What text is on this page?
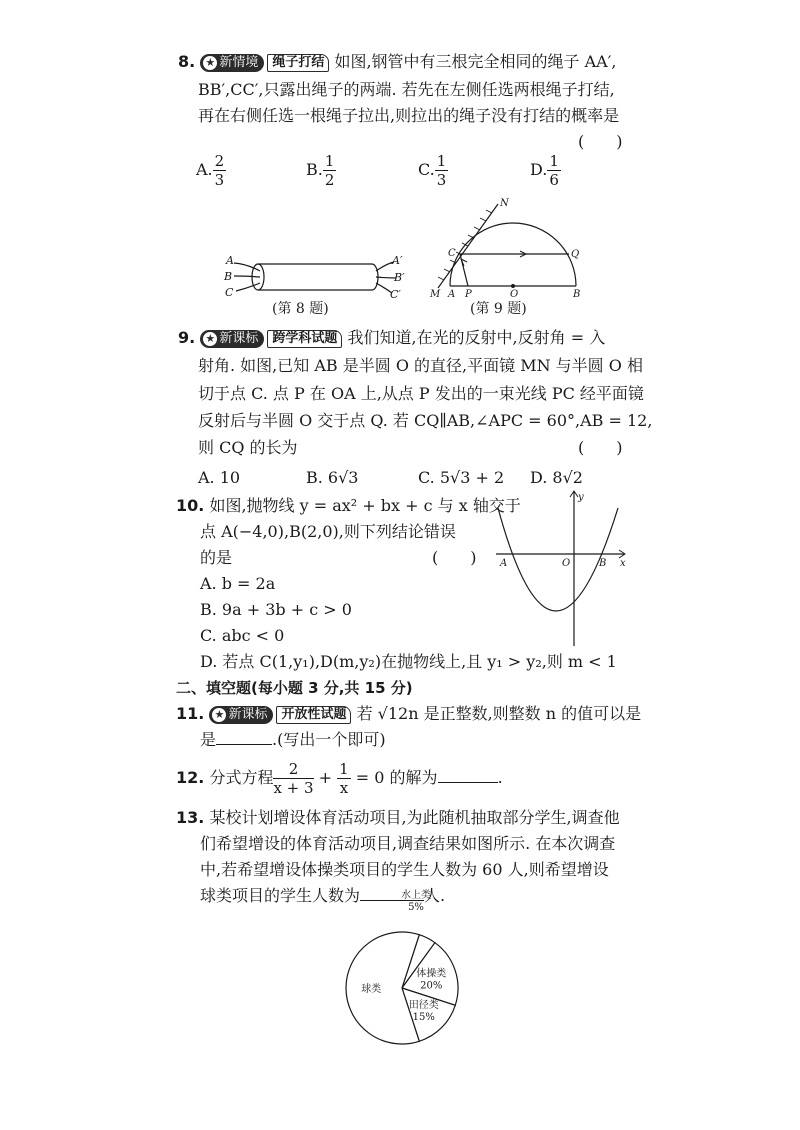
8. ★ 新情境 绳子打结 如图,钢管中有三根完全相同的绳子 AA′,
BB′,CC′,只露出绳子的两端. 若先在左侧任选两根绳子打结,
再在右侧任选一根绳子拉出,则拉出的绳子没有打结的概率是
(　　)
A. $\frac{2}{3}$	B. $\frac{1}{2}$	C. $\frac{1}{3}$	D. $\frac{1}{6}$
A
B
C
A′
B′
C′
(第 8 题)
N
C	Q
M A P	O	B
(第 9 题)
9. ★ 新课标 跨学科试题 我们知道,在光的反射中,反射角 = 入
射角. 如图,已知 AB 是半圆 O 的直径,平面镜 MN 与半圆 O 相
切于点 C. 点 P 在 OA 上,从点 P 发出的一束光线 PC 经平面镜
反射后与半圆 O 交于点 Q. 若 CQ∥AB,∠APC = 60°,AB = 12,
则 CQ 的长为	(　　)
A. 10	B. 6√3	C. 5√3 + 2 D. 8√2
10. 如图,抛物线 y = ax² + bx + c 与 x 轴交于
点 A(−4,0),B(2,0),则下列结论错误
的是	(　　)
A. b = 2a
B. 9a + 3b + c > 0
C. abc < 0
D. 若点 C(1,y₁),D(m,y₂)在抛物线上,且 y₁ > y₂,则 m < 1
y
x
O
A	B
二、填空题(每小题 3 分,共 15 分)
11. ★ 新课标 开放性试题 若 √12n 是正整数,则整数 n 的值可以是
是	.(写出一个即可)
12. 分式方程 $\frac{2}{x + 3} + \frac{1}{x} = 0$ 的解为	.
13. 某校计划增设体育活动项目,为此随机抽取部分学生,调查他
们希望增设的体育活动项目,调查结果如图所示. 在本次调查
中,若希望增设体操类项目的学生人数为 60 人,则希望增设
球类项目的学生人数为	人.
水上类
5%
体操类
20%
田径类
15%
球类
